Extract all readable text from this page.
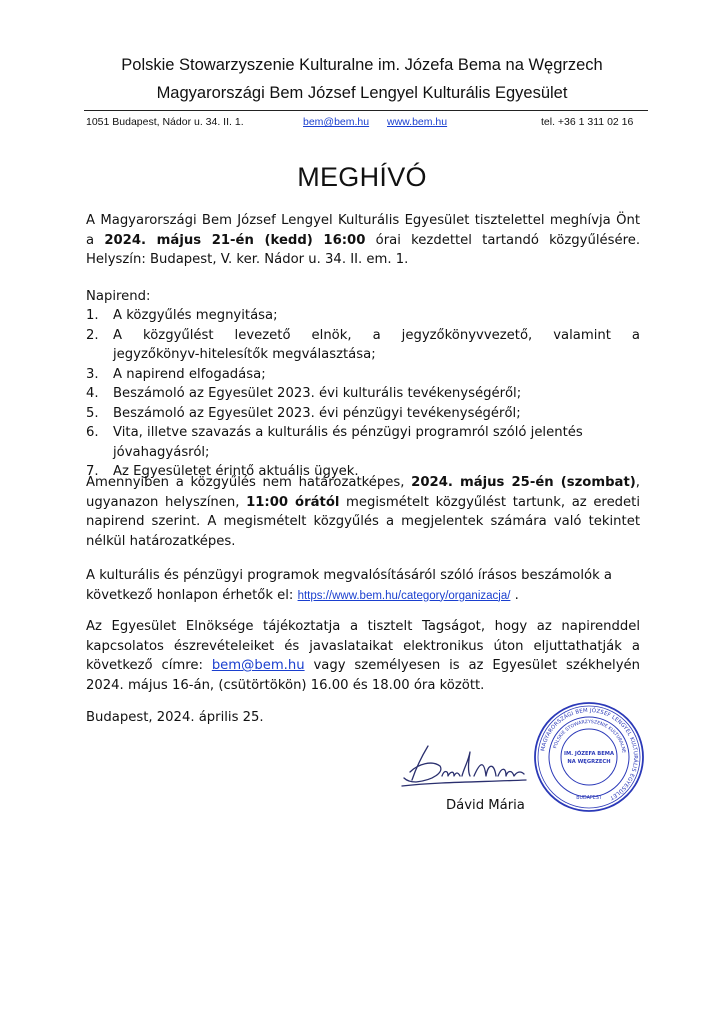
Polskie Stowarzyszenie Kulturalne im. Józefa Bema na Węgrzech
Magyarországi Bem József Lengyel Kulturális Egyesület
1051 Budapest, Nádor u. 34. II. 1.	bem@bem.hu www.bem.hu	tel. +36 1 311 02 16
MEGHÍVÓ
A Magyarországi Bem József Lengyel Kulturális Egyesület tisztelettel meghívja Önt a 2024. május 21-én (kedd) 16:00 órai kezdettel tartandó közgyűlésére. Helyszín: Budapest, V. ker. Nádor u. 34. II. em. 1.
Napirend:
1. A közgyűlés megnyitása;
2. A közgyűlést levezető elnök, a jegyzőkönyvvezető, valamint a
jegyzőkönyv-hitelesítők megválasztása;
3. A napirend elfogadása;
4. Beszámoló az Egyesület 2023. évi kulturális tevékenységéről;
5. Beszámoló az Egyesület 2023. évi pénzügyi tevékenységéről;
6. Vita, illetve szavazás a kulturális és pénzügyi programról szóló jelentés
jóvahagyásról;
7. Az Egyesületet érintő aktuális ügyek.
Amennyiben a közgyűlés nem határozatképes, 2024. május 25-én (szombat), ugyanazon helyszínen, 11:00 órától megismételt közgyűlést tartunk, az eredeti napirend szerint. A megismételt közgyűlés a megjelentek számára való tekintet nélkül határozatképes.
A kulturális és pénzügyi programok megvalósításáról szóló írásos beszámolók a következő honlapon érhetők el: https://www.bem.hu/category/organizacja/ .
Az Egyesület Elnöksége tájékoztatja a tisztelt Tagságot, hogy az napirenddel kapcsolatos észrevételeiket és javaslataikat elektronikus úton eljuttathatják a következő címre: bem@bem.hu vagy személyesen is az Egyesület székhelyén 2024. május 16-án, (csütörtökön) 16.00 és 18.00 óra között.
Budapest, 2024. április 25.
Dávid Mária
MAGYARORSZÁGI BEM JÓZSEF LENGYEL KULTURÁLIS EGYESÜLET
POLSKIE STOWARZYSZENIE KULTURALNE
IM. JÓZEFA BEMA
NA WĘGRZECH
BUDAPEST
